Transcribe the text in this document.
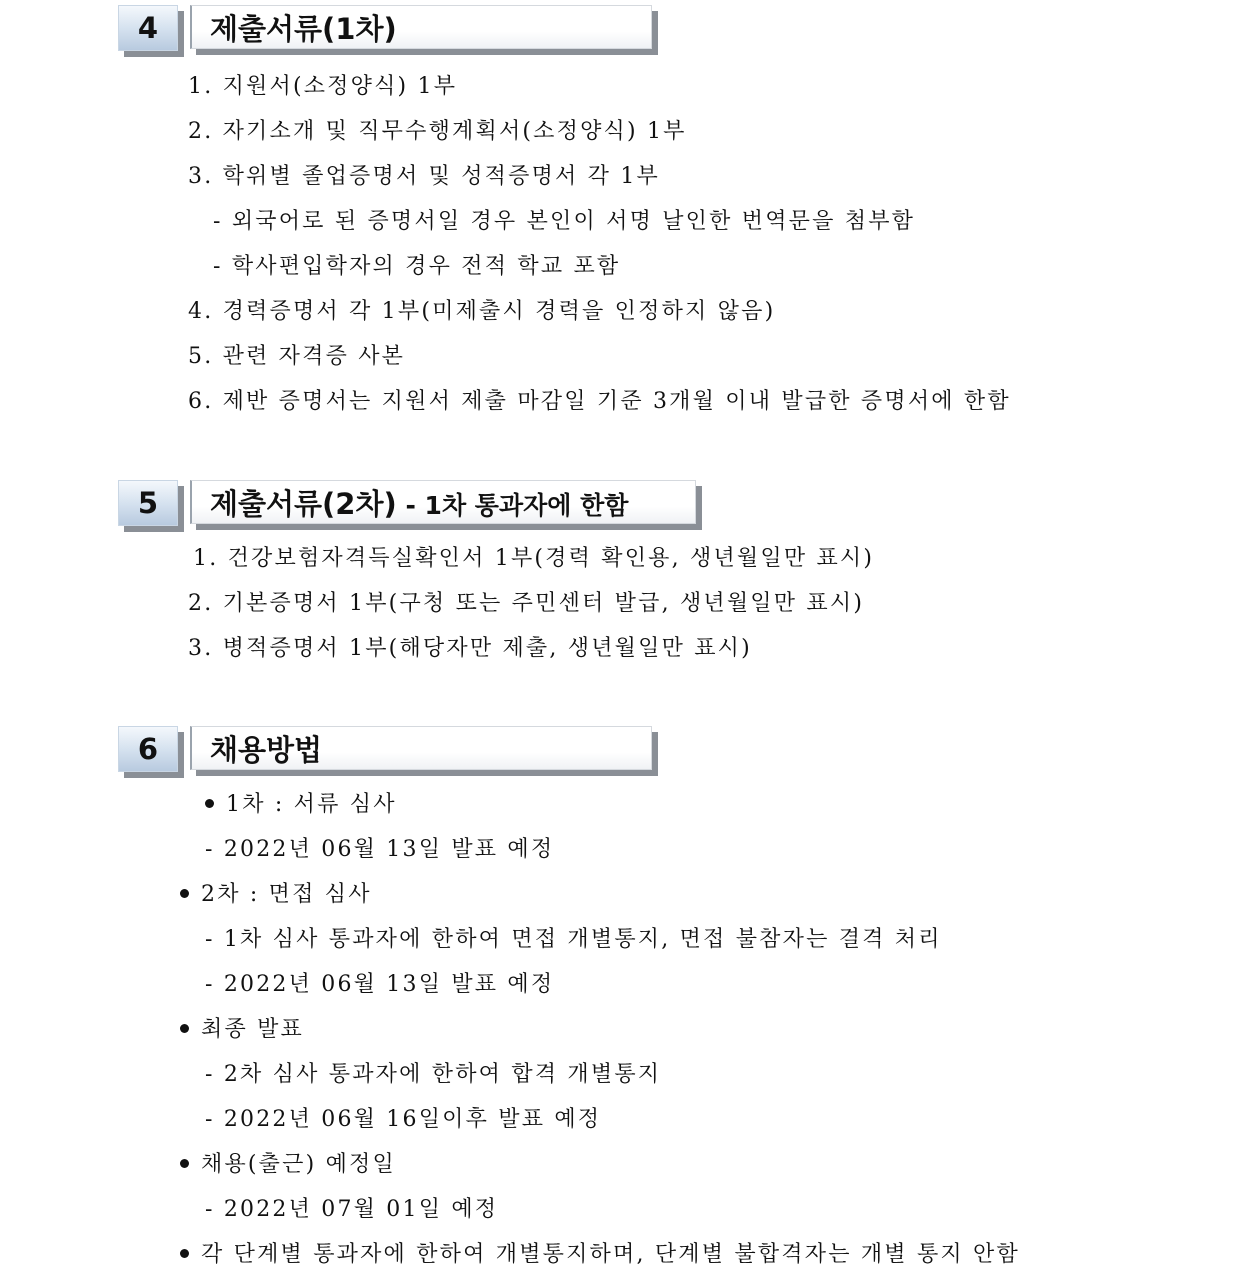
4	제출서류(1차)
1. 지원서(소정양식) 1부
2. 자기소개 및 직무수행계획서(소정양식) 1부
3. 학위별 졸업증명서 및 성적증명서 각 1부
- 외국어로 된 증명서일 경우 본인이 서명 날인한 번역문을 첨부함
- 학사편입학자의 경우 전적 학교 포함
4. 경력증명서 각 1부(미제출시 경력을 인정하지 않음)
5. 관련 자격증 사본
6. 제반 증명서는 지원서 제출 마감일 기준 3개월 이내 발급한 증명서에 한함
5	제출서류(2차) - 1차 통과자에 한함
1. 건강보험자격득실확인서 1부(경력 확인용, 생년월일만 표시)
2. 기본증명서 1부(구청 또는 주민센터 발급, 생년월일만 표시)
3. 병적증명서 1부(해당자만 제출, 생년월일만 표시)
6	채용방법
1차 : 서류 심사
- 2022년 06월 13일 발표 예정
2차 : 면접 심사
- 1차 심사 통과자에 한하여 면접 개별통지, 면접 불참자는 결격 처리
- 2022년 06월 13일 발표 예정
최종 발표
- 2차 심사 통과자에 한하여 합격 개별통지
- 2022년 06월 16일이후 발표 예정
채용(출근) 예정일
- 2022년 07월 01일 예정
각 단계별 통과자에 한하여 개별통지하며, 단계별 불합격자는 개별 통지 안함
